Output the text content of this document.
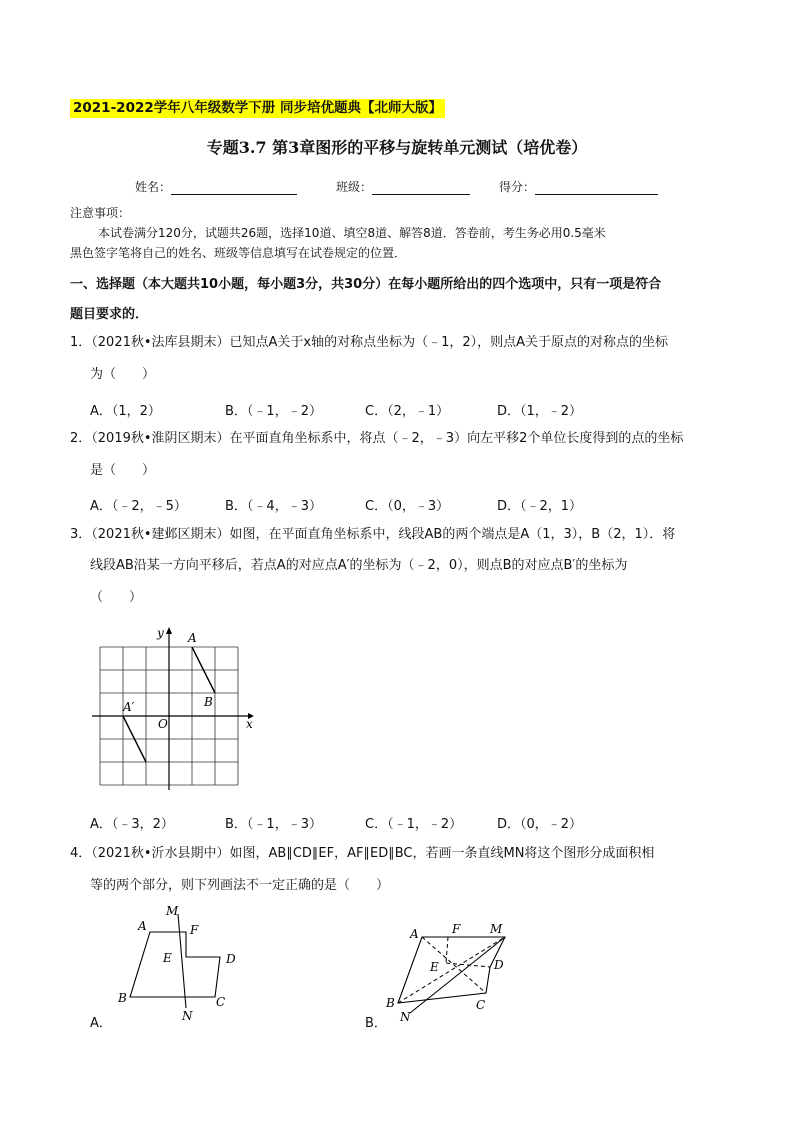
2021-2022学年八年级数学下册 同步培优题典【北师大版】
专题3.7 第3章图形的平移与旋转单元测试（培优卷）
姓名：	班级：	得分：
注意事项：
本试卷满分120分，试题共26题，选择10道、填空8道、解答8道．答卷前，考生务必用0.5毫米
黑色签字笔将自己的姓名、班级等信息填写在试卷规定的位置．
一、选择题（本大题共10小题，每小题3分，共30分）在每小题所给出的四个选项中，只有一项是符合
题目要求的．
1．（2021秋•法库县期末）已知点A关于x轴的对称点坐标为（﹣1，2），则点A关于原点的对称点的坐标
为（　　）
A．（1，2）	B．（﹣1，﹣2）	C．（2，﹣1）	D．（1，﹣2）
2．（2019秋•淮阴区期末）在平面直角坐标系中，将点（﹣2，﹣3）向左平移2个单位长度得到的点的坐标
是（　　）
A．（﹣2，﹣5）	B．（﹣4，﹣3）	C．（0，﹣3）	D．（﹣2，1）
3．（2021秋•建邺区期末）如图，在平面直角坐标系中，线段AB的两个端点是A（1，3），B（2，1）．将
线段AB沿某一方向平移后，若点A的对应点A′的坐标为（﹣2，0），则点B的对应点B′的坐标为
（　　）
y
x
O
A
B
A′
A．（﹣3，2）	B．（﹣1，﹣3）	C．（﹣1，﹣2）	D．（0，﹣2）
4．（2021秋•沂水县期中）如图，AB∥CD∥EF，AF∥ED∥BC，若画一条直线MN将这个图形分成面积相
等的两个部分，则下列画法不一定正确的是（　　）
A
M
F
E	D
B	C
N
A．
A	F M
E	D
B	C
N
B．
